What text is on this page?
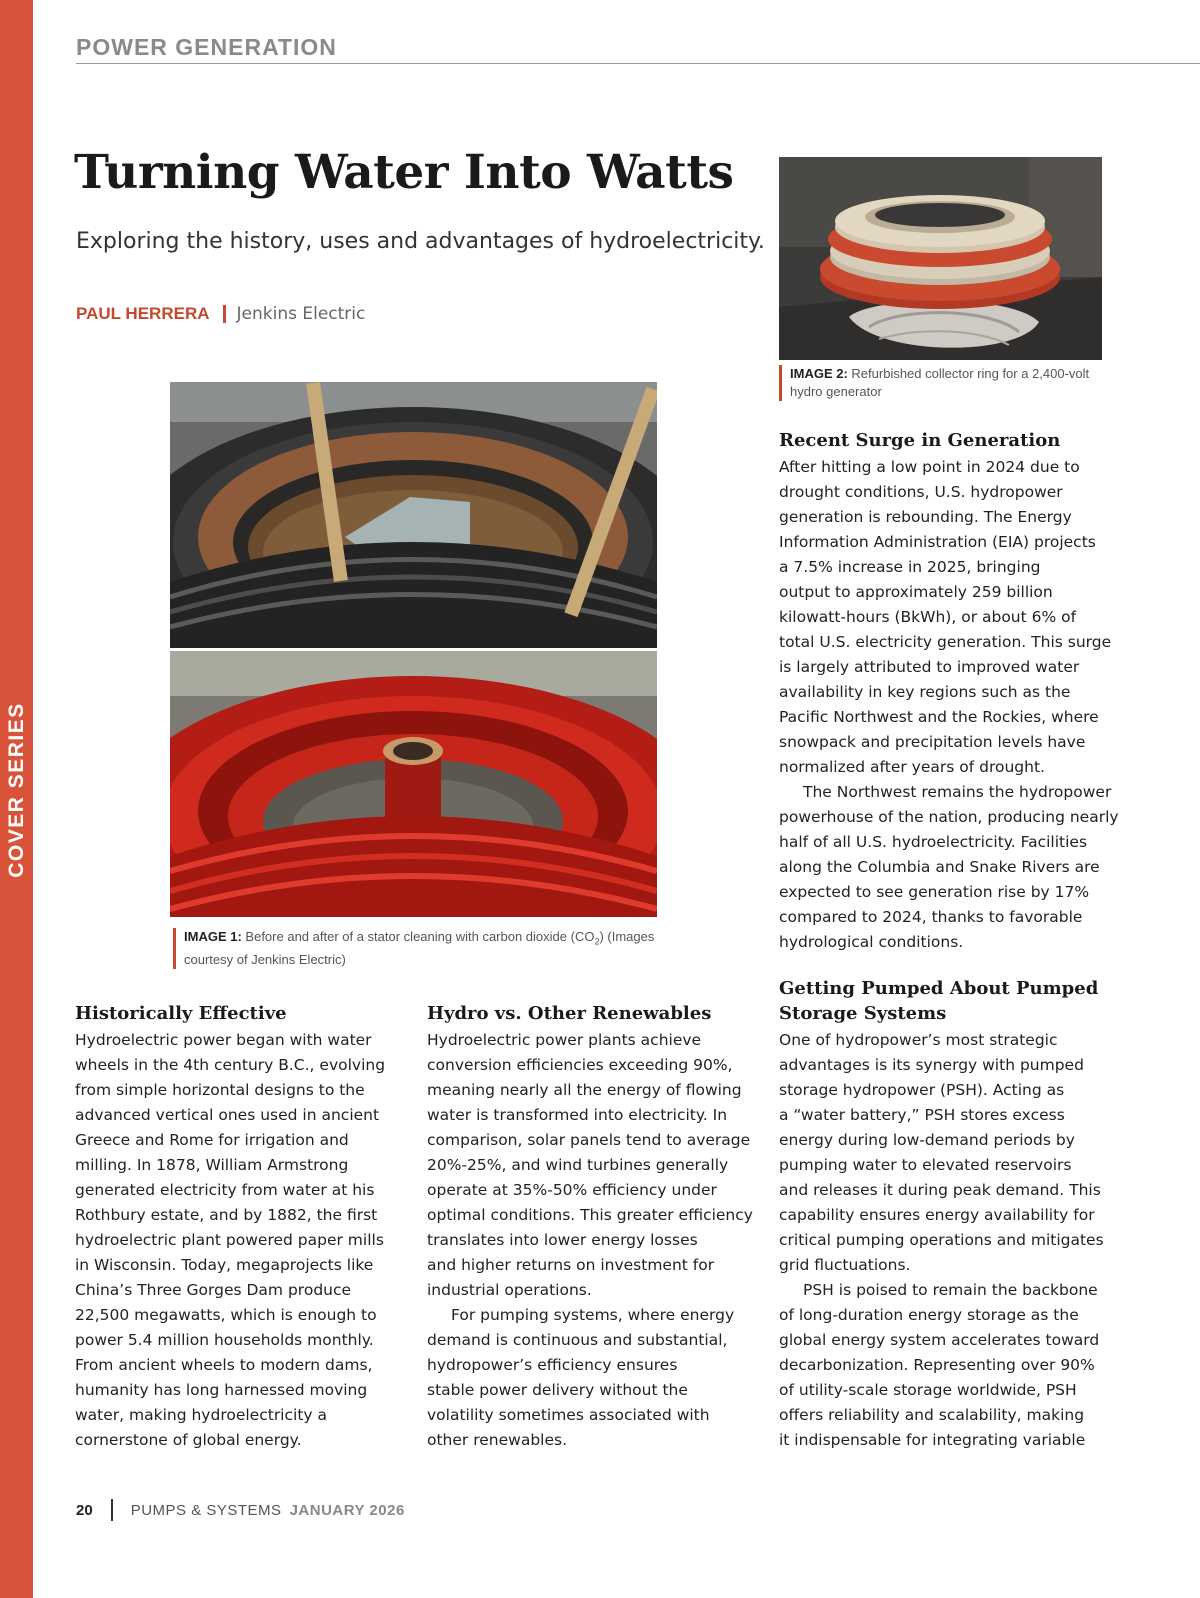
COVER SERIES
POWER GENERATION
Turning Water Into Watts
Exploring the history, uses and advantages of hydroelectricity.
PAUL HERRERA Jenkins Electric
IMAGE 2: Refurbished collector ring for a 2,400-volt
hydro generator
IMAGE 1: Before and after of a stator cleaning with carbon dioxide $(CO_2)$ (Images
courtesy of Jenkins Electric)
Historically Effective
Hydroelectric power began with water
wheels in the 4th century B.C., evolving
from simple horizontal designs to the
advanced vertical ones used in ancient
Greece and Rome for irrigation and
milling. In 1878, William Armstrong
generated electricity from water at his
Rothbury estate, and by 1882, the first
hydroelectric plant powered paper mills
in Wisconsin. Today, megaprojects like
China’s Three Gorges Dam produce
22,500 megawatts, which is enough to
power 5.4 million households monthly.
From ancient wheels to modern dams,
humanity has long harnessed moving
water, making hydroelectricity a
cornerstone of global energy.
Hydro vs. Other Renewables
Hydroelectric power plants achieve
conversion efficiencies exceeding 90%,
meaning nearly all the energy of flowing
water is transformed into electricity. In
comparison, solar panels tend to average
20%-25%, and wind turbines generally
operate at 35%-50% efficiency under
optimal conditions. This greater efficiency
translates into lower energy losses
and higher returns on investment for
industrial operations.
For pumping systems, where energy
demand is continuous and substantial,
hydropower’s efficiency ensures
stable power delivery without the
volatility sometimes associated with
other renewables.
Recent Surge in Generation
After hitting a low point in 2024 due to
drought conditions, U.S. hydropower
generation is rebounding. The Energy
Information Administration (EIA) projects
a 7.5% increase in 2025, bringing
output to approximately 259 billion
kilowatt-hours (BkWh), or about 6% of
total U.S. electricity generation. This surge
is largely attributed to improved water
availability in key regions such as the
Pacific Northwest and the Rockies, where
snowpack and precipitation levels have
normalized after years of drought.
The Northwest remains the hydropower
powerhouse of the nation, producing nearly
half of all U.S. hydroelectricity. Facilities
along the Columbia and Snake Rivers are
expected to see generation rise by 17%
compared to 2024, thanks to favorable
hydrological conditions.
Getting Pumped About Pumped
Storage Systems
One of hydropower’s most strategic
advantages is its synergy with pumped
storage hydropower (PSH). Acting as
a “water battery,” PSH stores excess
energy during low-demand periods by
pumping water to elevated reservoirs
and releases it during peak demand. This
capability ensures energy availability for
critical pumping operations and mitigates
grid fluctuations.
PSH is poised to remain the backbone
of long-duration energy storage as the
global energy system accelerates toward
decarbonization. Representing over 90%
of utility-scale storage worldwide, PSH
offers reliability and scalability, making
it indispensable for integrating variable
20	PUMPS & SYSTEMS JANUARY 2026
